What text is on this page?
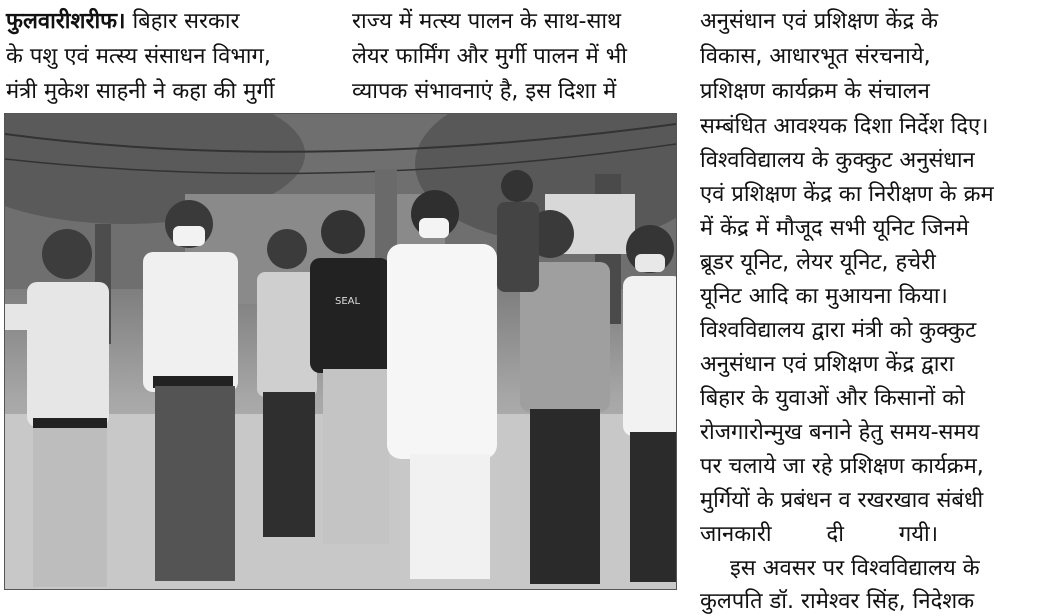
फुलवारीशरीफ। बिहार सरकार
के पशु एवं मत्स्य संसाधन विभाग,
मंत्री मुकेश साहनी ने कहा की मुर्गी
राज्य में मत्स्य पालन के साथ-साथ
लेयर फार्मिंग और मुर्गी पालन में भी
व्यापक संभावनाएं है, इस दिशा में
अनुसंधान एवं प्रशिक्षण केंद्र के
विकास, आधारभूत संरचनाये,
प्रशिक्षण कार्यक्रम के संचालन
सम्बंधित आवश्यक दिशा निर्देश दिए।
विश्वविद्यालय के कुक्कुट अनुसंधान
एवं प्रशिक्षण केंद्र का निरीक्षण के क्रम
में केंद्र में मौजूद सभी यूनिट जिनमे
ब्रूडर यूनिट, लेयर यूनिट, हचेरी
यूनिट आदि का मुआयना किया।
विश्वविद्यालय द्वारा मंत्री को कुक्कुट
अनुसंधान एवं प्रशिक्षण केंद्र द्वारा
बिहार के युवाओं और किसानों को
रोजगारोन्मुख बनाने हेतु समय-समय
पर चलाये जा रहे प्रशिक्षण कार्यक्रम,
मुर्गियों के प्रबंधन व रखरखाव संबंधी
जानकारी दी गयी।
इस अवसर पर विश्वविद्यालय के
कुलपति डॉ. रामेश्वर सिंह, निदेशक
SEAL
